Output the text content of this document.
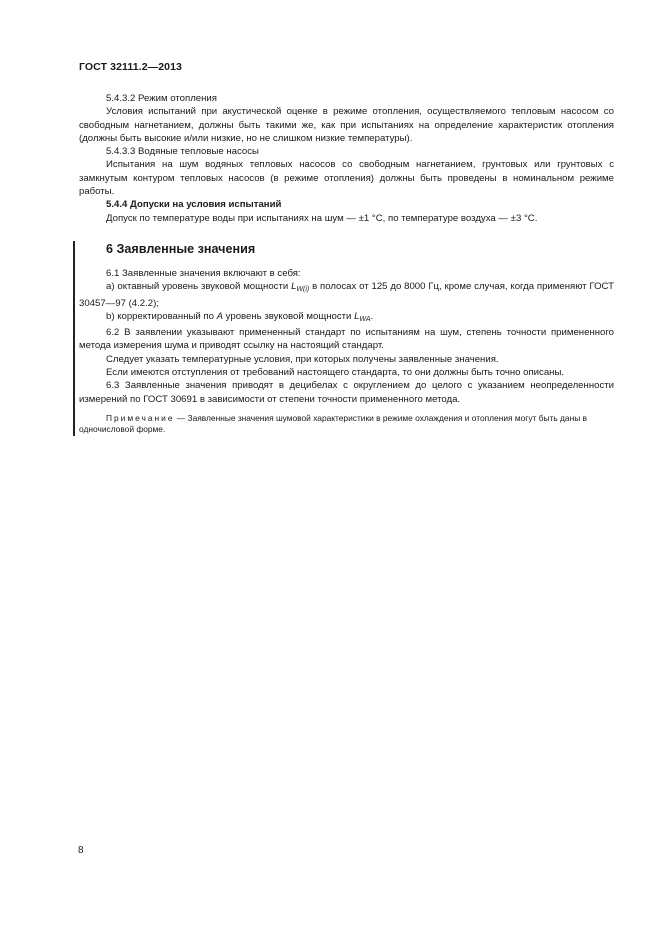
ГОСТ 32111.2—2013

5.4.3.2 Режим отопления

Условия испытаний при акустической оценке в режиме отопления, осуществляемого тепловым насосом со свободным нагнетанием, должны быть такими же, как при испытаниях на определение характеристик отопления (должны быть высокие и/или низкие, но не слишком низкие температуры).

5.4.3.3 Водяные тепловые насосы

Испытания на шум водяных тепловых насосов со свободным нагнетанием, грунтовых или грунтовых с замкнутым контуром тепловых насосов (в режиме отопления) должны быть проведены в номинальном режиме работы.

5.4.4 Допуски на условия испытаний

Допуск по температуре воды при испытаниях на шум — ±1 °C, по температуре воздуха — ±3 °C.

6 Заявленные значения

6.1 Заявленные значения включают в себя:

a) октавный уровень звуковой мощности $L_{W(i)}$ в полосах от 125 до 8000 Гц, кроме случая, когда применяют ГОСТ 30457—97 (4.2.2);

b) корректированный по A уровень звуковой мощности $L_{WA}$.

6.2 В заявлении указывают примененный стандарт по испытаниям на шум, степень точности примененного метода измерения шума и приводят ссылку на настоящий стандарт.

Следует указать температурные условия, при которых получены заявленные значения.

Если имеются отступления от требований настоящего стандарта, то они должны быть точно описаны.

6.3 Заявленные значения приводят в децибелах с округлением до целого с указанием неопределенности измерений по ГОСТ 30691 в зависимости от степени точности примененного метода.

Примечание — Заявленные значения шумовой характеристики в режиме охлаждения и отопления могут быть даны в одночисловой форме.

8
